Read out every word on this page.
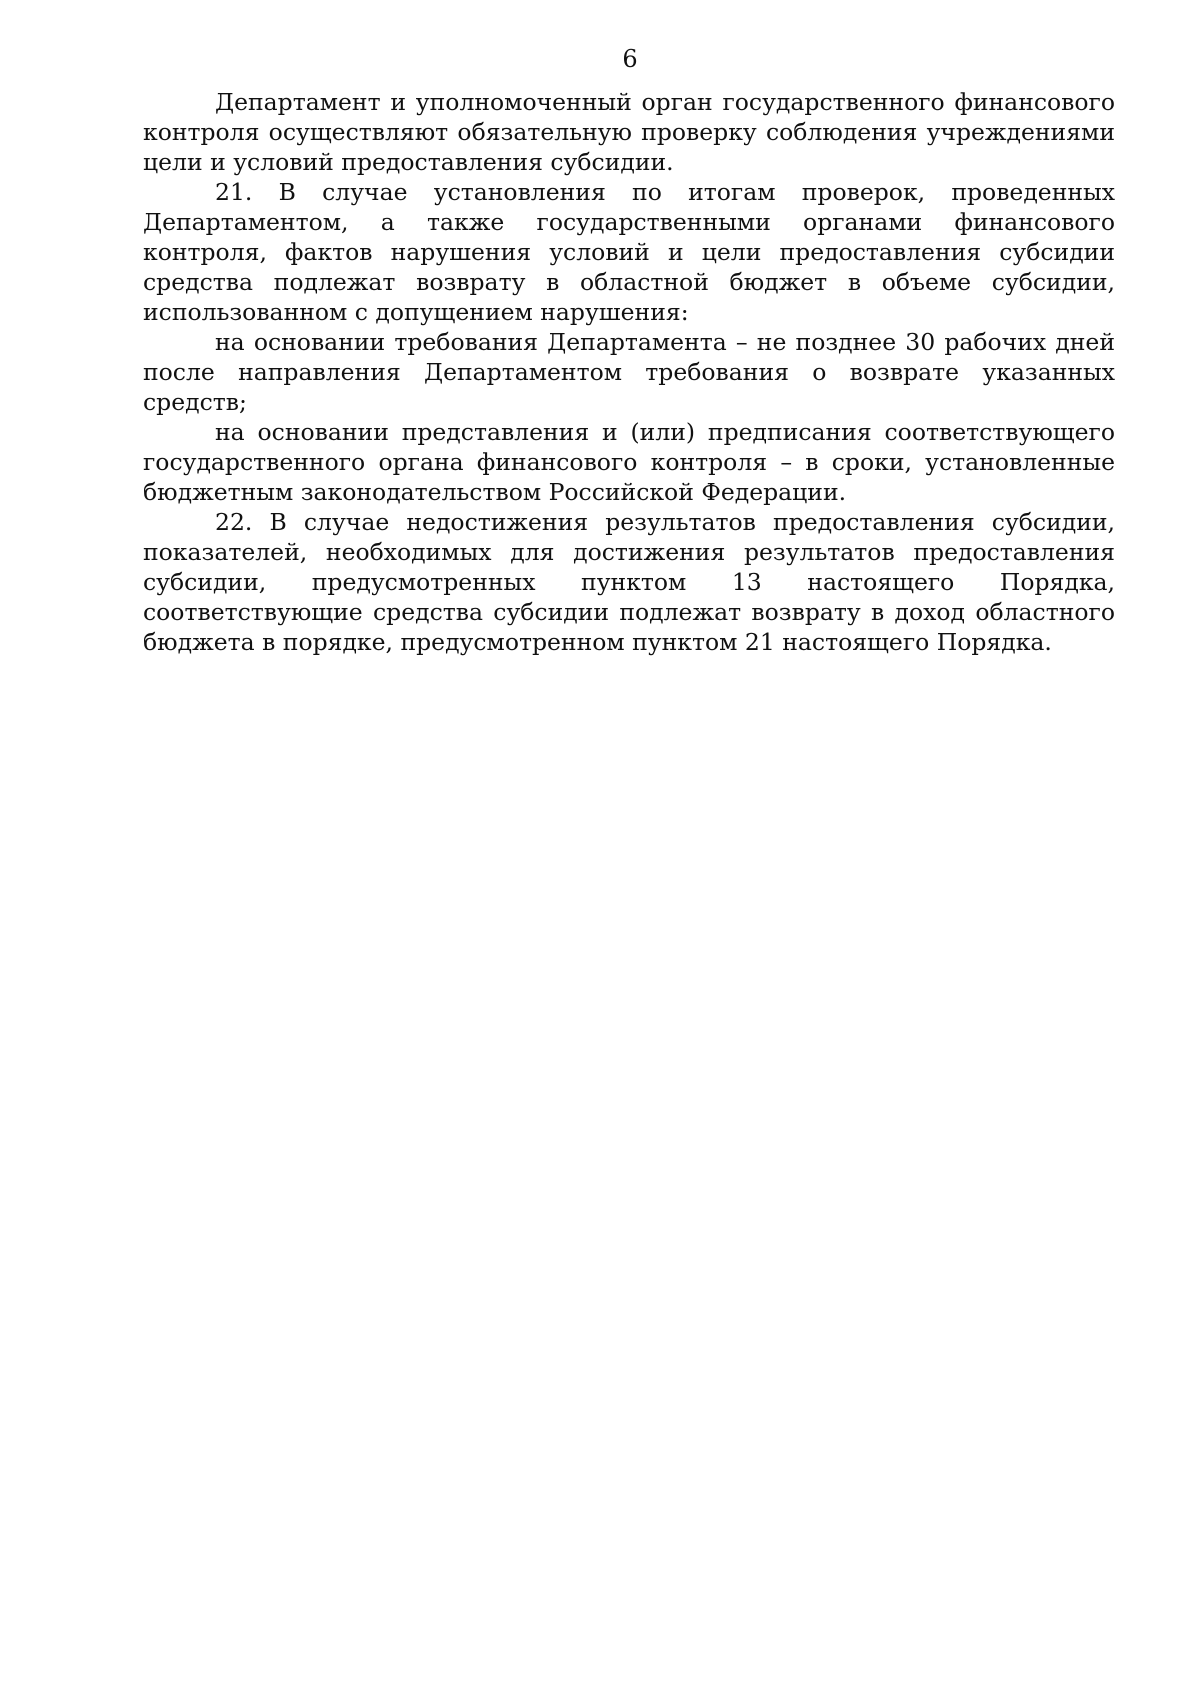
6

Департамент и уполномоченный орган государственного финансового контроля осуществляют обязательную проверку соблюдения учреждениями цели и условий предоставления субсидии.

21. В случае установления по итогам проверок, проведенных Департаментом, а также государственными органами финансового контроля, фактов нарушения условий и цели предоставления субсидии средства подлежат возврату в областной бюджет в объеме субсидии, использованном с допущением нарушения:

на основании требования Департамента – не позднее 30 рабочих дней после направления Департаментом требования о возврате указанных средств;

на основании представления и (или) предписания соответствующего государственного органа финансового контроля – в сроки, установленные бюджетным законодательством Российской Федерации.

22. В случае недостижения результатов предоставления субсидии, показателей, необходимых для достижения результатов предоставления субсидии, предусмотренных пунктом 13 настоящего Порядка, соответствующие средства субсидии подлежат возврату в доход областного бюджета в порядке, предусмотренном пунктом 21 настоящего Порядка.
